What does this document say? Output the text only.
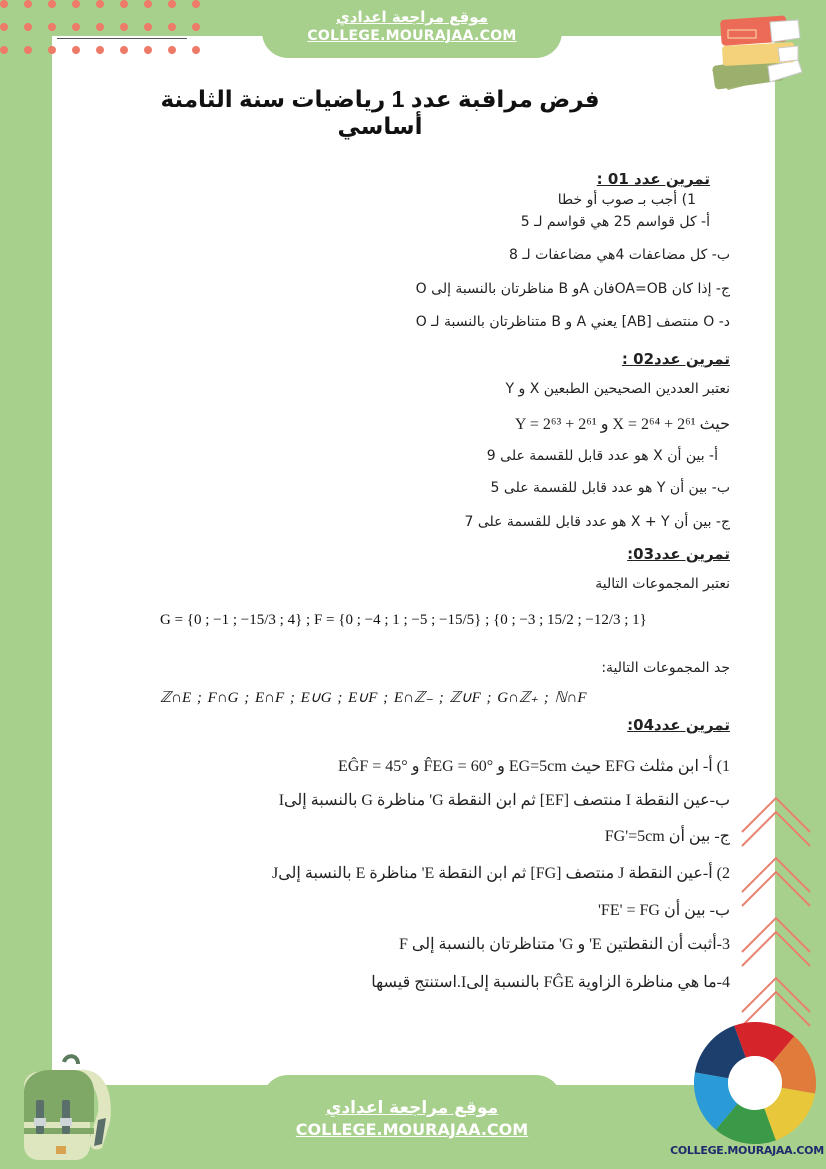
موقع مراجعة اعدادي
COLLEGE.MOURAJAA.COM
فرض مراقبة عدد 1 رياضيات سنة الثامنة أساسي
تمرين عدد 01 :
1) أجب بـ صوب أو خطا
أ- كل قواسم 25 هي قواسم لـ 5
ب- كل مضاعفات 4هي مضاعفات لـ 8
ج- إذا كان OA=OBفان Aو B مناظرتان بالنسبة إلى O
د- O منتصف [AB] يعني A و B متناظرتان بالنسبة لـ O
تمرين عدد02 :
نعتبر العددين الصحيحين الطبعين X و Y
حيث X = 2⁶⁴ + 2⁶¹ و Y = 2⁶³ + 2⁶¹
أ- بين أن X هو عدد قابل للقسمة على 9
ب- بين أن Y هو عدد قابل للقسمة على 5
ج- بين أن X + Y هو عدد قابل للقسمة على 7
تمرين عدد03:
نعتبر المجموعات التالية
G = {0 ; −1 ; −15/3 ; 4} ; F = {0 ; −4 ; 1 ; −5 ; −15/5} ; {0 ; −3 ; 15/2 ; −12/3 ; 1}
جد المجموعات التالية:
ℤ∩E ; F∩G ; E∩F ; E∪G ; E∪F ; E∩ℤ₋ ; ℤ∪F ; G∩ℤ₊ ; ℕ∩F
تمرين عدد04:
1) أ- ابن مثلث EFG حيث EG=5cm و F̂EG = 60° و EĜF = 45°
ب-عين النقطة I منتصف [EF] ثم ابن النقطة G' مناظرة G بالنسبة إلىI
ج- بين أن FG'=5cm
2) أ-عين النقطة J منتصف [FG] ثم ابن النقطة E' مناظرة E بالنسبة إلىJ
ب- بين أن FE' = FG'
3-أثبت أن النقطتين E' و G' متناظرتان بالنسبة إلى F
4-ما هي مناظرة الزاوية FĜE بالنسبة إلىI.استنتج قيسها
موقع مراجعة اعدادي
COLLEGE.MOURAJAA.COM
COLLEGE.MOURAJAA.COM
